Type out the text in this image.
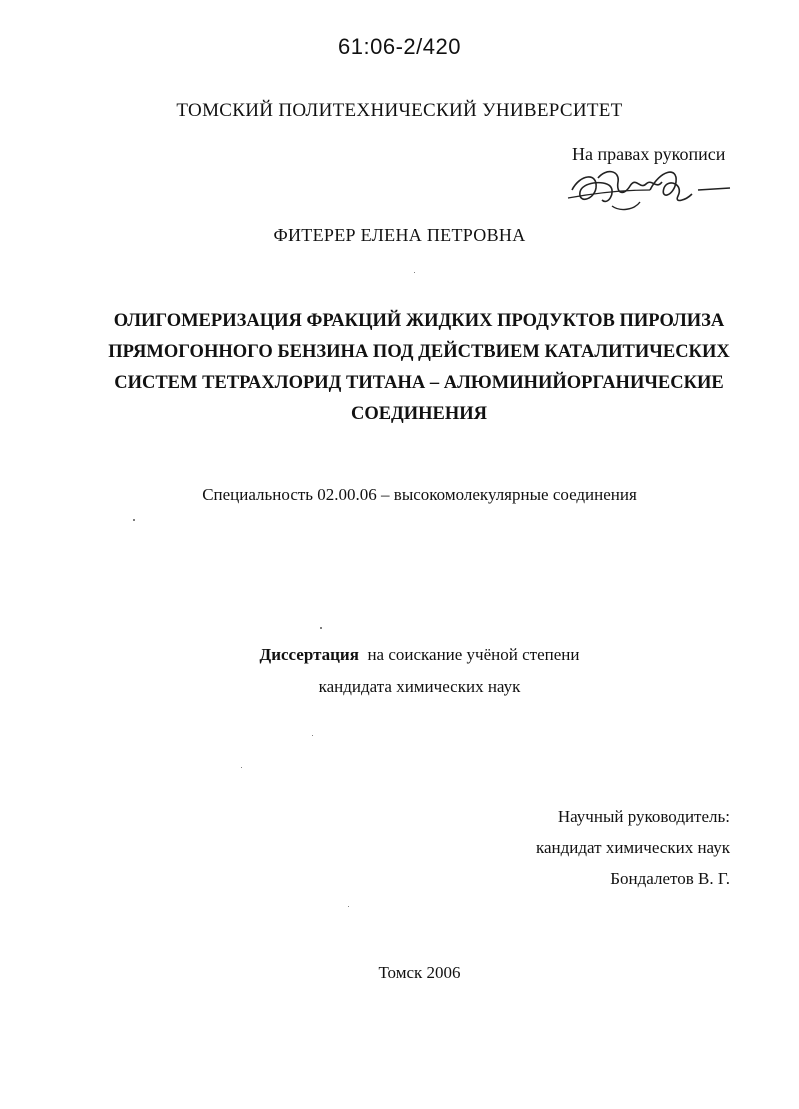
61:06-2/420
ТОМСКИЙ ПОЛИТЕХНИЧЕСКИЙ УНИВЕРСИТЕТ
На правах рукописи
ФИТЕРЕР ЕЛЕНА ПЕТРОВНА
ОЛИГОМЕРИЗАЦИЯ ФРАКЦИЙ ЖИДКИХ ПРОДУКТОВ ПИРОЛИЗА
ПРЯМОГОННОГО БЕНЗИНА ПОД ДЕЙСТВИЕМ КАТАЛИТИЧЕСКИХ
СИСТЕМ ТЕТРАХЛОРИД ТИТАНА – АЛЮМИНИЙОРГАНИЧЕСКИЕ
СОЕДИНЕНИЯ
Специальность 02.00.06 – высокомолекулярные соединения
Диссертация на соискание учёной степени
кандидата химических наук
Научный руководитель:
кандидат химических наук
Бондалетов В. Г.
Томск 2006
